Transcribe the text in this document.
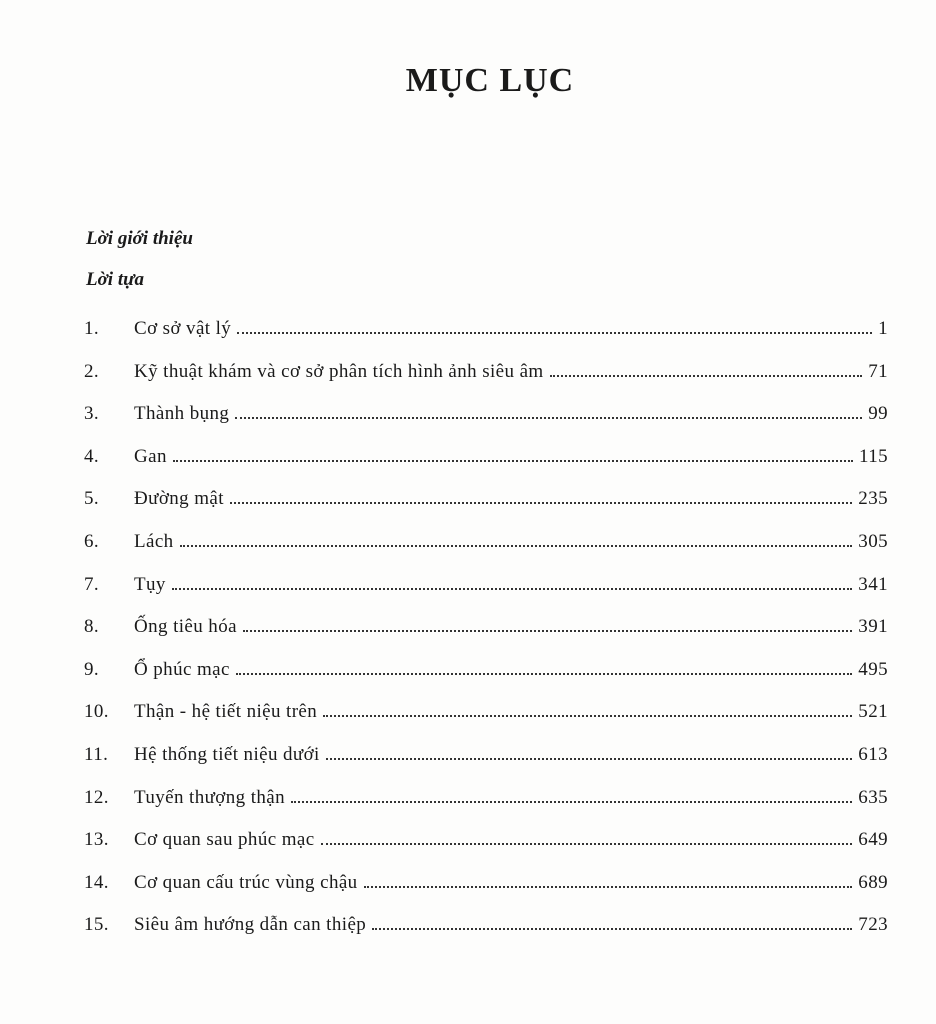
MỤC LỤC
Lời giới thiệu
Lời tựa
1.	Cơ sở vật lý	1
2.	Kỹ thuật khám và cơ sở phân tích hình ảnh siêu âm	71
3.	Thành bụng	99
4.	Gan	115
5.	Đường mật	235
6.	Lách	305
7.	Tụy	341
8.	Ống tiêu hóa	391
9.	Ổ phúc mạc	495
10.	Thận - hệ tiết niệu trên	521
11.	Hệ thống tiết niệu dưới	613
12.	Tuyến thượng thận	635
13.	Cơ quan sau phúc mạc	649
14.	Cơ quan cấu trúc vùng chậu	689
15.	Siêu âm hướng dẫn can thiệp	723
